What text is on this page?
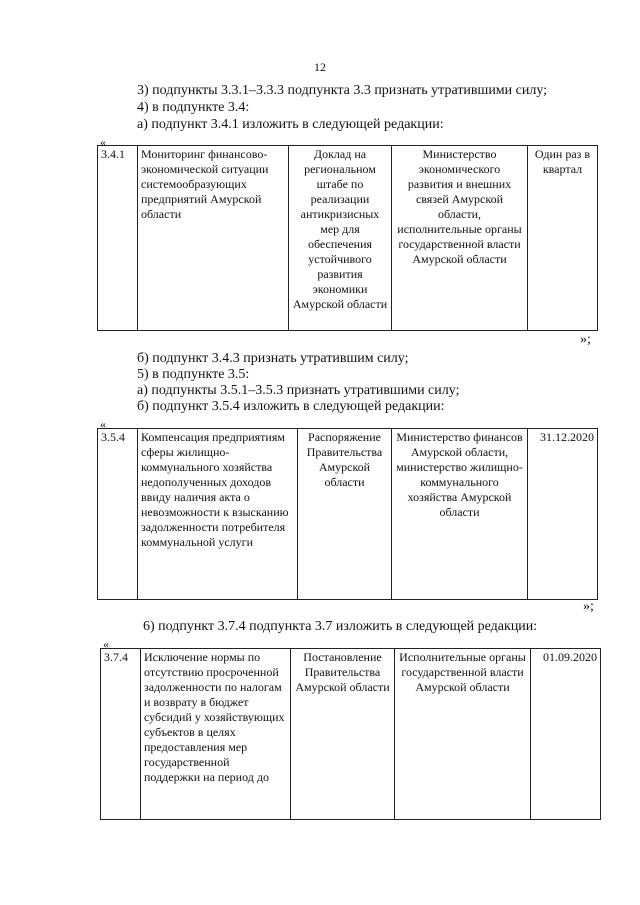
12
3) подпункты 3.3.1–3.3.3 подпункта 3.3 признать утратившими силу;
4) в подпункте 3.4:
а) подпункт 3.4.1 изложить в следующей редакции:
«
3.4.1	Мониторинг финансово-экономической ситуации системообразующих предприятий Амурской области	Доклад на региональном штабе по реализации антикризисных мер для обеспечения устойчивого развития экономики Амурской области	Министерство экономического развития и внешних связей Амурской области, исполнительные органы государственной власти Амурской области	Один раз в квартал
»;
б) подпункт 3.4.3 признать утратившим силу;
5) в подпункте 3.5:
а) подпункты 3.5.1–3.5.3 признать утратившими силу;
б) подпункт 3.5.4 изложить в следующей редакции:
«
3.5.4	Компенсация предприятиям сферы жилищно-коммунального хозяйства недополученных доходов ввиду наличия акта о невозможности к взысканию задолженности потребителя коммунальной услуги	Распоряжение Правительства Амурской области	Министерство финансов Амурской области, министерство жилищно-коммунального хозяйства Амурской области	31.12.2020
»;
6) подпункт 3.7.4 подпункта 3.7 изложить в следующей редакции:
«
3.7.4	Исключение нормы по отсутствию просроченной задолженности по налогам и возврату в бюджет субсидий у хозяйствующих субъектов в целях предоставления мер государственной поддержки на период до	Постановление Правительства Амурской области	Исполнительные органы государственной власти Амурской области	01.09.2020
